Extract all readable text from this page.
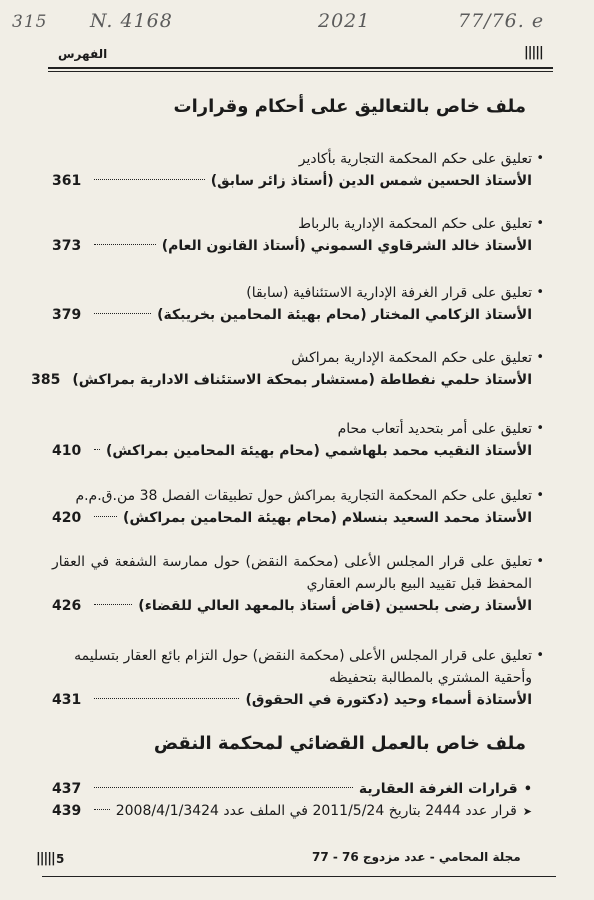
315 N. 4168	2021	77/76. e
|||||
الفهرس
ملف خاص بالتعاليق على أحكام وقرارات
•
تعليق على حكم المحكمة التجارية بأكادير
الأستاذ الحسين شمس الدين (أستاذ زائر سابق)
361
•
تعليق على حكم المحكمة الإدارية بالرباط
الأستاذ خالد الشرقاوي السموني (أستاذ القانون العام)
373
•
تعليق على قرار الغرفة الإدارية الاستئنافية (سابقا)
الأستاذ الزكامي المختار (محام بهيئة المحامين بخريبكة)
379
•
تعليق على حكم المحكمة الإدارية بمراكش
الأستاذ حلمي نفطاطة (مستشار بمحكة الاستئناف الادارية بمراكش)
385
•
تعليق على أمر بتحديد أتعاب محام
الأستاذ النقيب محمد بلهاشمي (محام بهيئة المحامين بمراكش)
410
•
تعليق على حكم المحكمة التجارية بمراكش حول تطبيقات الفصل 38 من.ق.م.م
الأستاذ محمد السعيد بنسلام (محام بهيئة المحامين بمراكش)
420
•
تعليق على قرار المجلس الأعلى (محكمة النقض) حول ممارسة الشفعة في العقار
المحفظ قبل تقييد البيع بالرسم العقاري
الأستاذ رضى بلحسين (قاض أستاذ بالمعهد العالي للقضاء)
426
•
تعليق على قرار المجلس الأعلى (محكمة النقض) حول التزام بائع العقار بتسليمه
وأحقية المشتري بالمطالبة بتحفيظه
الأستاذة أسماء وحيد (دكتورة في الحقوق)
431
ملف خاص بالعمل القضائي لمحكمة النقض
•
قرارات الغرفة العقارية
437
➤
قرار عدد 2444 بتاريخ 2011/5/24 في الملف عدد 2008/4/1/3424
439
مجلة المحامي - عدد مزدوج 76 - 77
5
|||||
